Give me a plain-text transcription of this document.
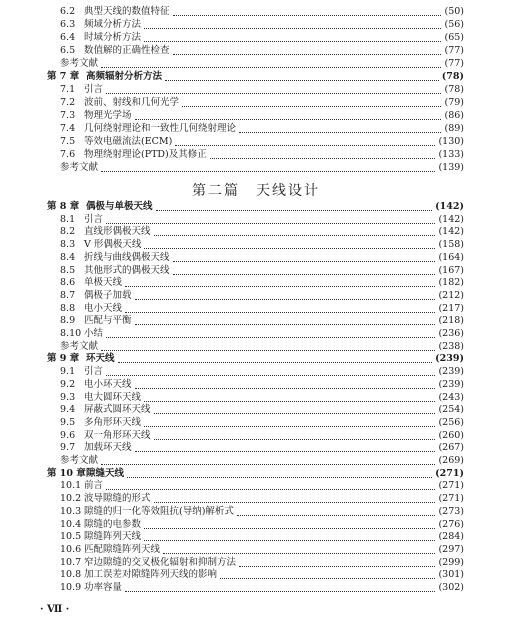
6.2 典型天线的数值特征	(50)
6.3 频域分析方法	(56)
6.4 时域分析方法	(65)
6.5 数值解的正确性检查	(77)
参考文献	(77)
第 7 章 高频辐射分析方法	(78)
7.1 引言	(78)
7.2 波前、射线和几何光学	(79)
7.3 物理光学场	(86)
7.4 几何绕射理论和一致性几何绕射理论	(89)
7.5 等效电磁流法(ECM)	(130)
7.6 物理绕射理论(PTD)及其修正	(133)
参考文献	(139)
第 8 章 偶极与单极天线	(142)
8.1 引言	(142)
8.2 直线形偶极天线	(142)
8.3 V 形偶极天线	(158)
8.4 折线与曲线偶极天线	(164)
8.5 其他形式的偶极天线	(167)
8.6 单极天线	(182)
8.7 偶极子加载	(212)
8.8 电小天线	(217)
8.9 匹配与平衡	(218)
8.10 小结	(236)
参考文献	(238)
第 9 章 环天线	(239)
9.1 引言	(239)
9.2 电小环天线	(239)
9.3 电大圆环天线	(243)
9.4 屏蔽式圆环天线	(254)
9.5 多角形环天线	(256)
9.6 双一角形环天线	(260)
9.7 加载环天线	(267)
参考文献	(269)
第 10 章 隙缝天线	(271)
10.1 前言	(271)
10.2 波导隙缝的形式	(271)
10.3 隙缝的归一化等效阻抗(导纳)解析式	(273)
10.4 隙缝的电参数	(276)
10.5 隙缝阵列天线	(284)
10.6 匹配隙缝阵列天线	(297)
10.7 窄边隙缝的交叉极化辐射和抑制方法	(299)
10.8 加工误差对隙缝阵列天线的影响	(301)
10.9 功率容量	(302)
第二篇　天线设计
· Ⅶ ·
